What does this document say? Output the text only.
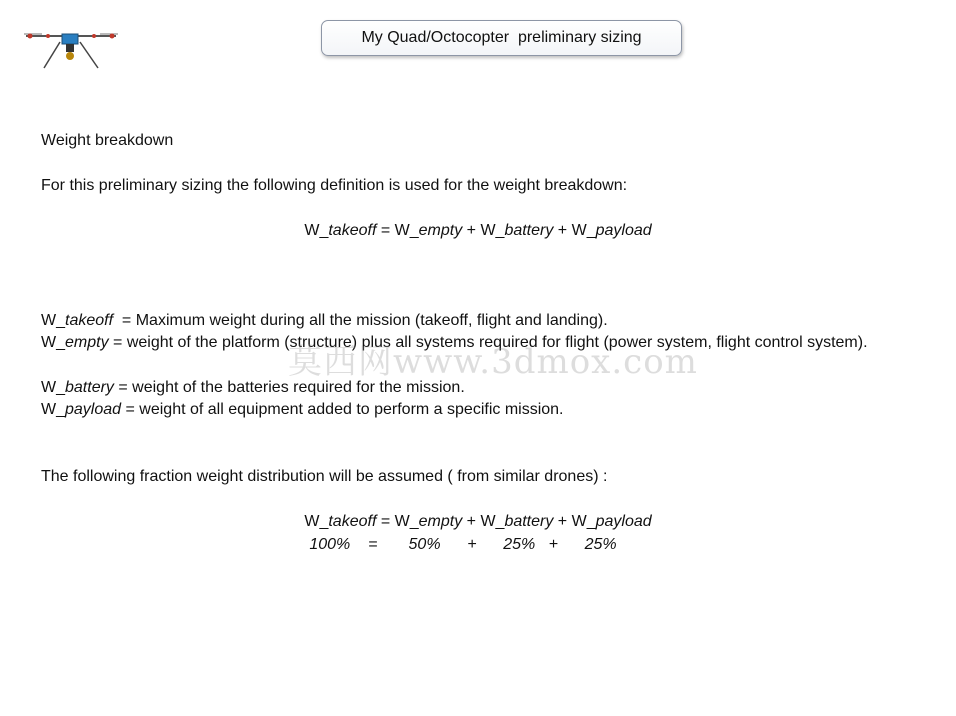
My Quad/Octocopter  preliminary sizing
Weight breakdown
For this preliminary sizing the following definition is used for the weight breakdown:
W_takeoff = W_empty + W_battery + W_payload
W_takeoff  = Maximum weight during all the mission (takeoff, flight and landing).
W_empty = weight of the platform (structure) plus all systems required for flight (power system, flight control system).
W_battery = weight of the batteries required for the mission.
W_payload = weight of all equipment added to perform a specific mission.
The following fraction weight distribution will be assumed ( from similar drones) :
W_takeoff = W_empty + W_battery + W_payload
100%    =       50%      +      25%   +      25%
莫西网www.3dmox.com
